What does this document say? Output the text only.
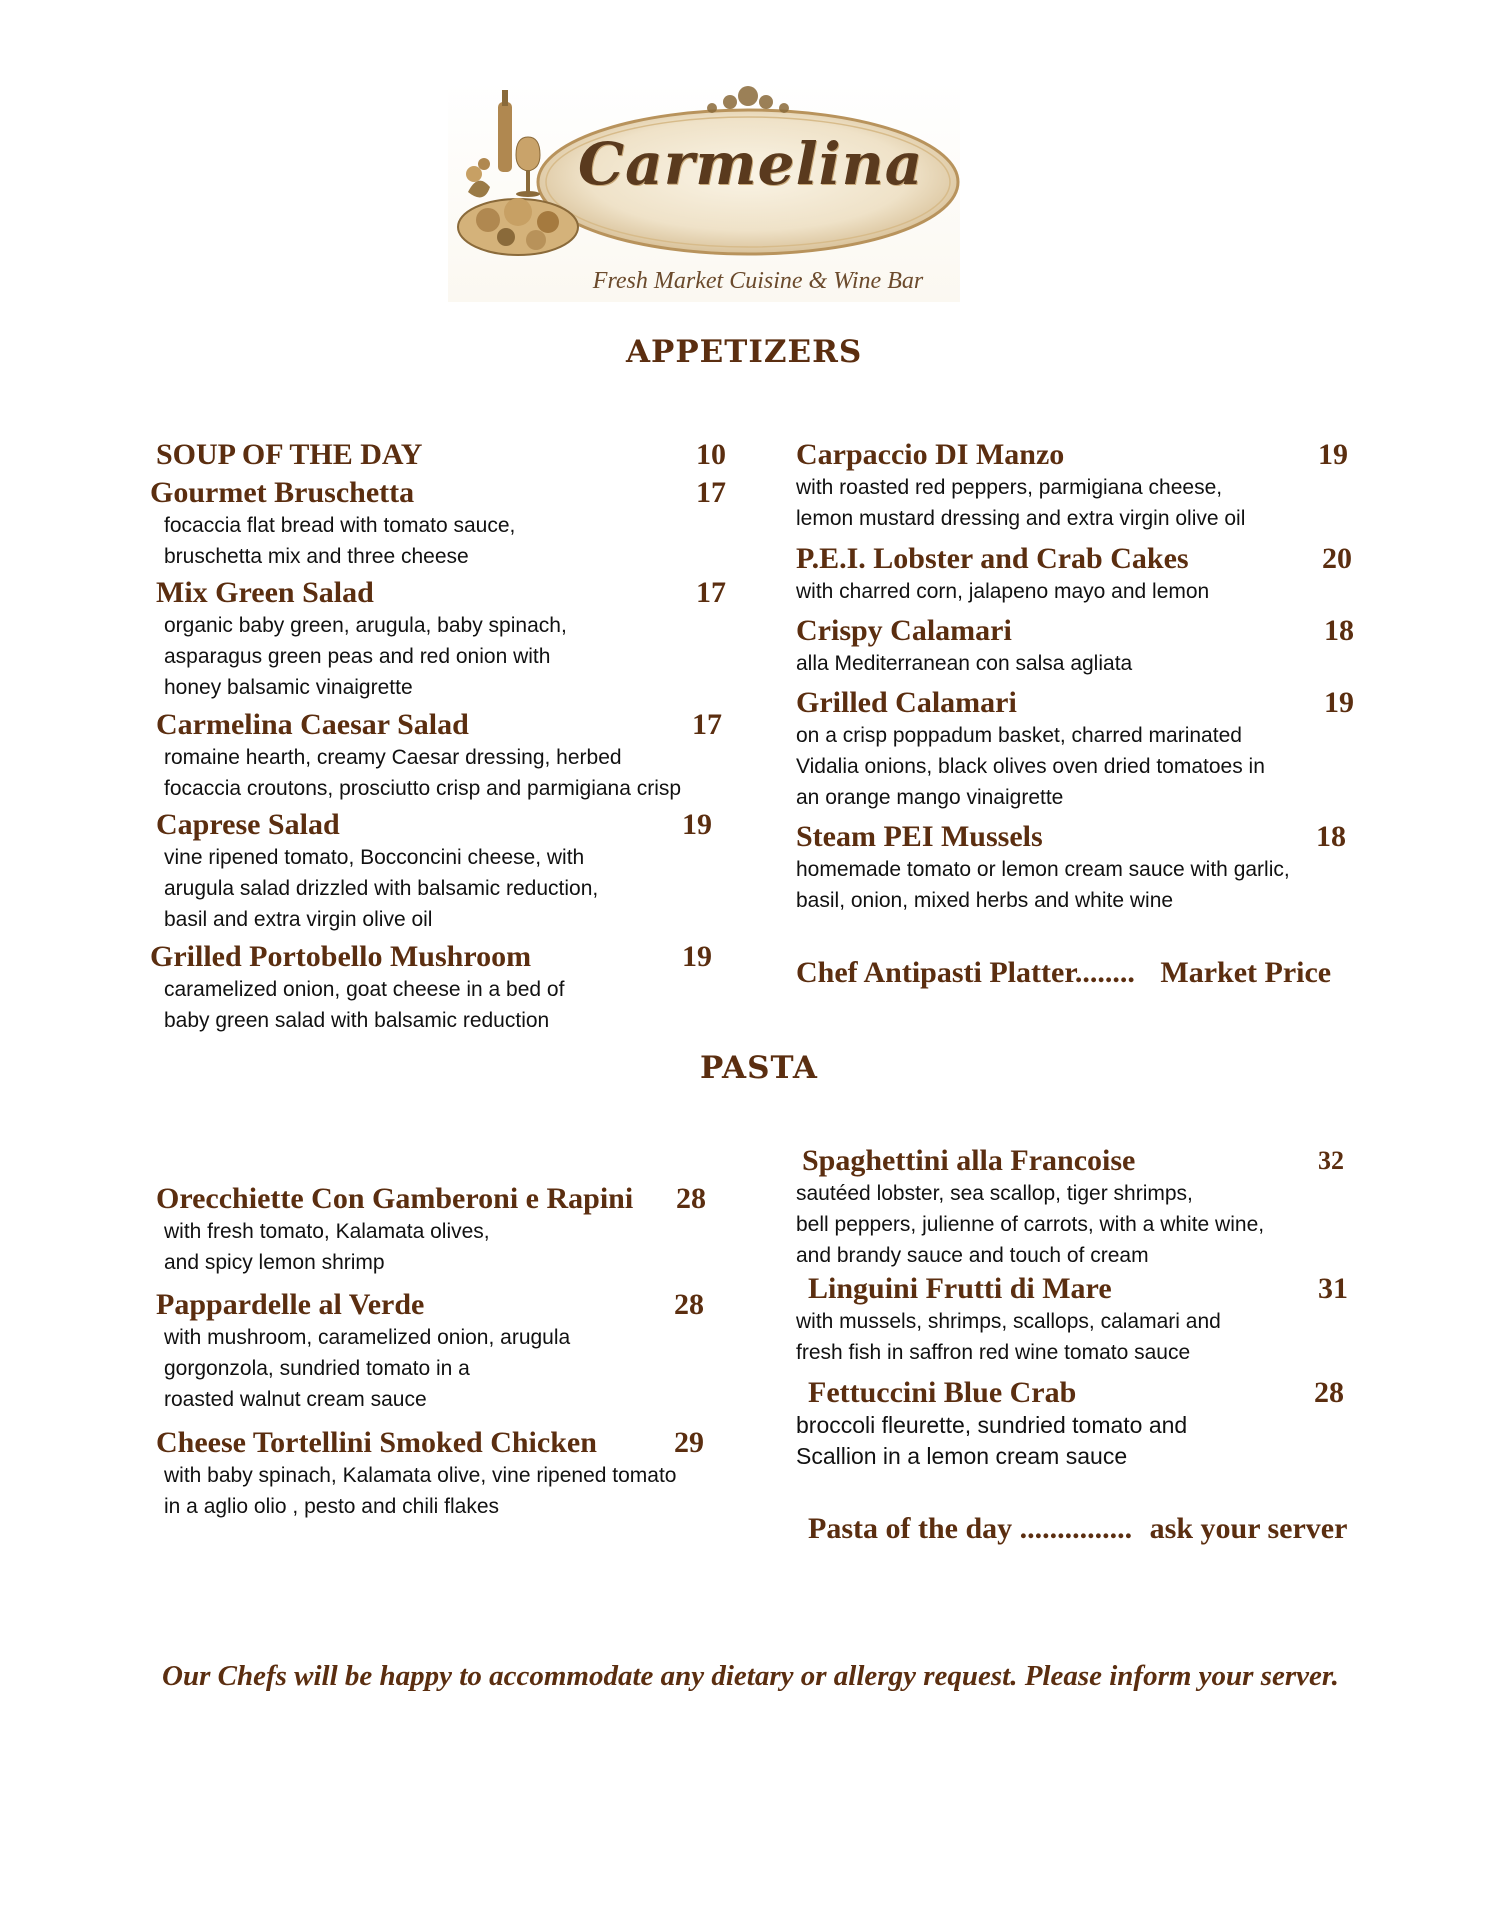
Carmelina
Fresh Market Cuisine & Wine Bar
APPETIZERS
SOUP OF THE DAY	10
Gourmet Bruschetta	17
focaccia flat bread with tomato sauce,
bruschetta mix and three cheese
Mix Green Salad	17
organic baby green, arugula, baby spinach,
asparagus green peas and red onion with
honey balsamic vinaigrette
Carmelina Caesar Salad	17
romaine hearth, creamy Caesar dressing, herbed
focaccia croutons, prosciutto crisp and parmigiana crisp
Caprese Salad	19
vine ripened tomato, Bocconcini cheese, with
arugula salad drizzled with balsamic reduction,
basil and extra virgin olive oil
Grilled Portobello Mushroom	19
caramelized onion, goat cheese in a bed of
baby green salad with balsamic reduction
Carpaccio DI Manzo	19
with roasted red peppers, parmigiana cheese,
lemon mustard dressing and extra virgin olive oil
P.E.I. Lobster and Crab Cakes	20
with charred corn, jalapeno mayo and lemon
Crispy Calamari	18
alla Mediterranean con salsa agliata
Grilled Calamari	19
on a crisp poppadum basket, charred marinated
Vidalia onions, black olives oven dried tomatoes in
an orange mango vinaigrette
Steam PEI Mussels	18
homemade tomato or lemon cream sauce with garlic,
basil, onion, mixed herbs and white wine
Chef Antipasti Platter........ Market Price
PASTA
Orecchiette Con Gamberoni e Rapini	28
with fresh tomato, Kalamata olives,
and spicy lemon shrimp
Pappardelle al Verde	28
with mushroom, caramelized onion, arugula
gorgonzola, sundried tomato in a
roasted walnut cream sauce
Cheese Tortellini Smoked Chicken	29
with baby spinach, Kalamata olive, vine ripened tomato
in a aglio olio , pesto and chili flakes
Spaghettini alla Francoise	32
sautéed lobster, sea scallop, tiger shrimps,
bell peppers, julienne of carrots, with a white wine,
and brandy sauce and touch of cream
Linguini Frutti di Mare	31
with mussels, shrimps, scallops, calamari and
fresh fish in saffron red wine tomato sauce
Fettuccini Blue Crab	28
broccoli fleurette, sundried tomato and
Scallion in a lemon cream sauce
Pasta of the day ............... ask your server
Our Chefs will be happy to accommodate any dietary or allergy request. Please inform your server.
